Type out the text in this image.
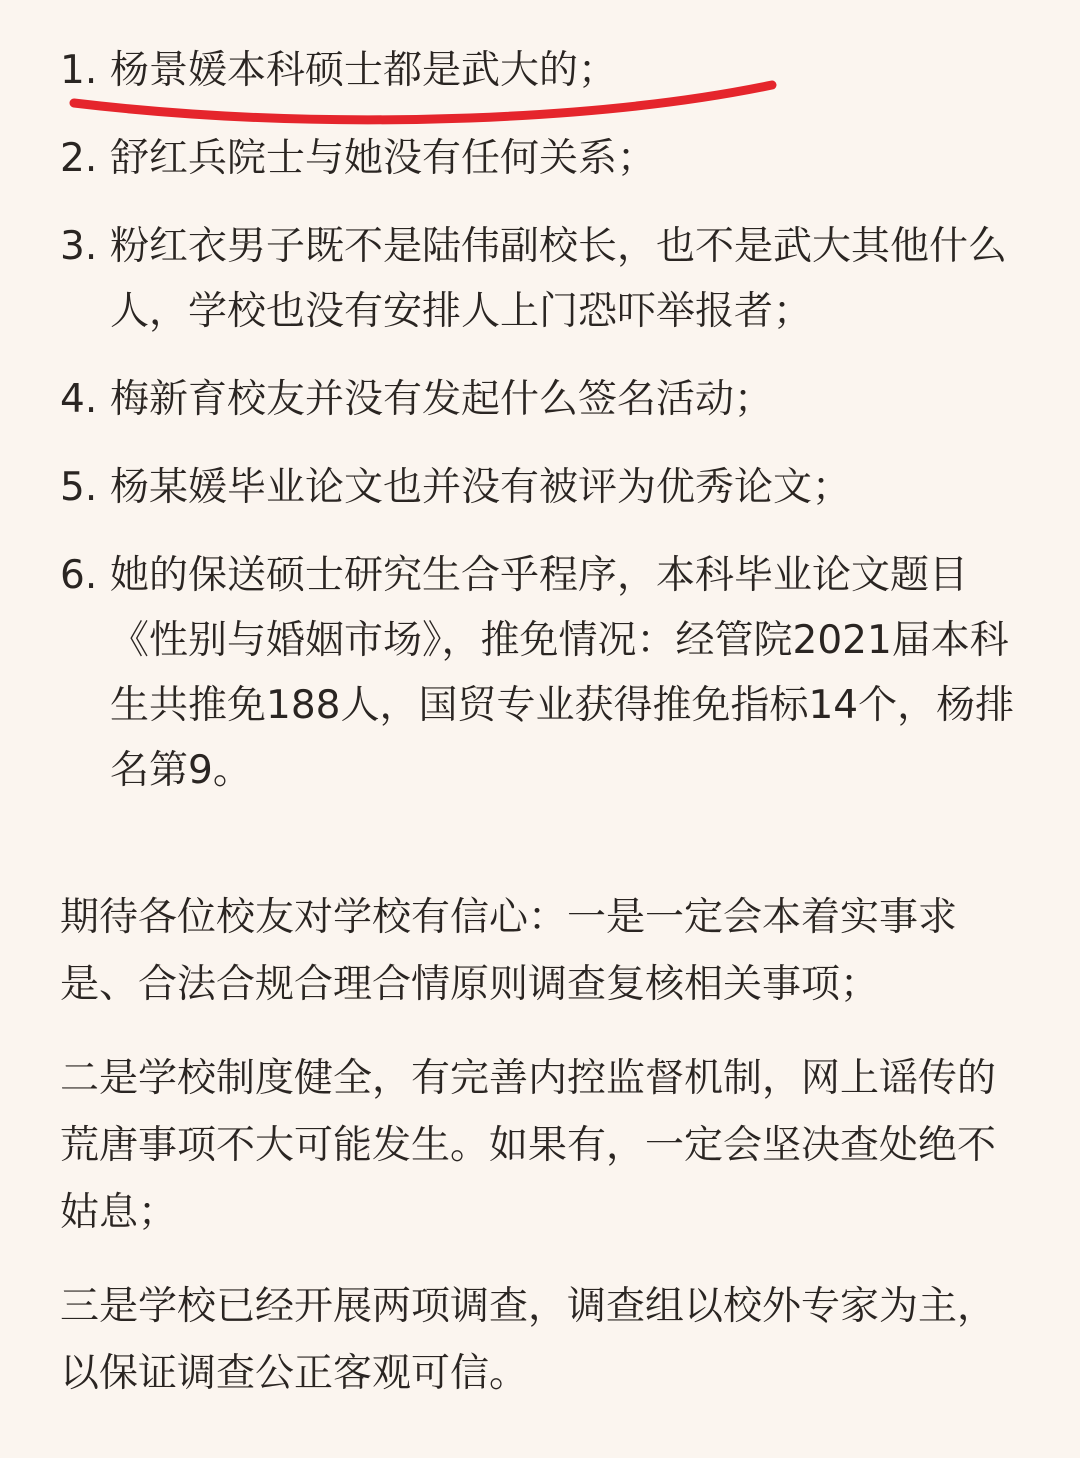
1. 杨景媛本科硕士都是武大的；
2. 舒红兵院士与她没有任何关系；
3. 粉红衣男子既不是陆伟副校长，也不是武大其他什么人，学校也没有安排人上门恐吓举报者；
4. 梅新育校友并没有发起什么签名活动；
5. 杨某媛毕业论文也并没有被评为优秀论文；
6. 她的保送硕士研究生合乎程序，本科毕业论文题目《性别与婚姻市场》，推免情况：经管院2021届本科生共推免188人，国贸专业获得推免指标14个，杨排名第9。

期待各位校友对学校有信心：一是一定会本着实事求是、合法合规合理合情原则调查复核相关事项；

二是学校制度健全，有完善内控监督机制，网上谣传的荒唐事项不大可能发生。如果有，一定会坚决查处绝不姑息；

三是学校已经开展两项调查，调查组以校外专家为主，以保证调查公正客观可信。
